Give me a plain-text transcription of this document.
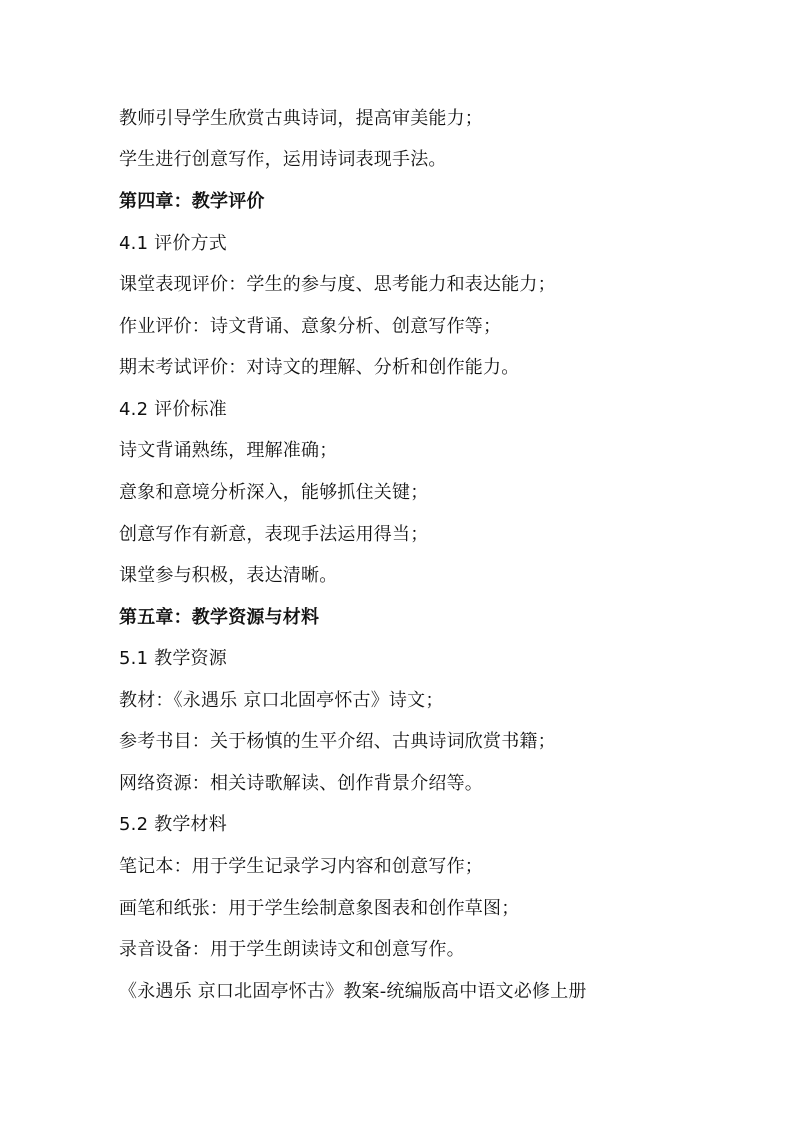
教师引导学生欣赏古典诗词，提高审美能力；
学生进行创意写作，运用诗词表现手法。
第四章：教学评价
4.1 评价方式
课堂表现评价：学生的参与度、思考能力和表达能力；
作业评价：诗文背诵、意象分析、创意写作等；
期末考试评价：对诗文的理解、分析和创作能力。
4.2 评价标准
诗文背诵熟练，理解准确；
意象和意境分析深入，能够抓住关键；
创意写作有新意，表现手法运用得当；
课堂参与积极，表达清晰。
第五章：教学资源与材料
5.1 教学资源
教材：《永遇乐 京口北固亭怀古》诗文；
参考书目：关于杨慎的生平介绍、古典诗词欣赏书籍；
网络资源：相关诗歌解读、创作背景介绍等。
5.2 教学材料
笔记本：用于学生记录学习内容和创意写作；
画笔和纸张：用于学生绘制意象图表和创作草图；
录音设备：用于学生朗读诗文和创意写作。
《永遇乐 京口北固亭怀古》教案-统编版高中语文必修上册
